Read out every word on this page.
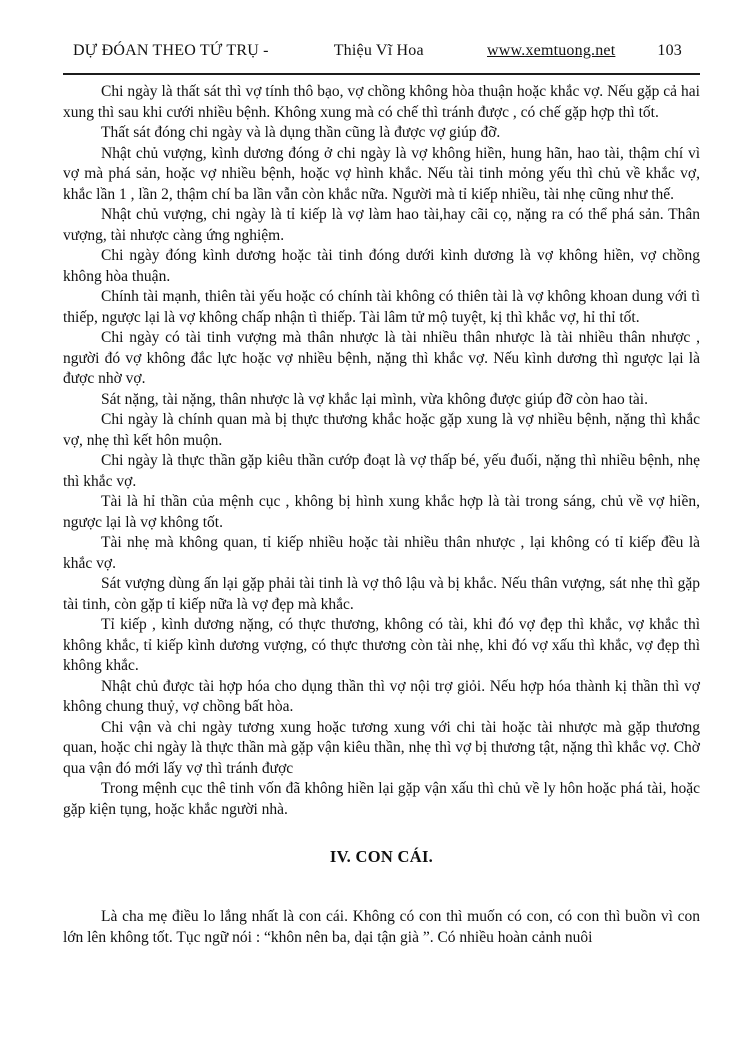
DỰ ĐÓAN THEO TỨ TRỤ -	Thiệu Vĩ Hoa	www.xemtuong.net	103

Chi ngày là thất sát thì vợ tính thô bạo, vợ chồng không hòa thuận hoặc khắc vợ. Nếu gặp cả hai xung thì sau khi cưới nhiều bệnh. Không xung mà có chế thì tránh được , có chế gặp hợp thì tốt.

Thất sát đóng chi ngày và là dụng thần cũng là được vợ giúp đỡ.

Nhật chủ vượng, kình dương đóng ở chi ngày là vợ không hiền, hung hãn, hao tài, thậm chí vì vợ mà phá sản, hoặc vợ nhiều bệnh, hoặc vợ hình khắc. Nếu tài tinh mỏng yếu thì chủ về khắc vợ, khắc lần 1 , lần 2, thậm chí ba lần vẫn còn khắc nữa. Người mà tỉ kiếp nhiều, tài nhẹ cũng như thế.

Nhật chủ vượng, chi ngày là tỉ kiếp là vợ làm hao tài,hay cãi cọ, nặng ra có thể phá sản. Thân vượng, tài nhược càng ứng nghiệm.

Chi ngày đóng kình dương hoặc tài tinh đóng dưới kình dương là vợ không hiền, vợ chồng không hòa thuận.

Chính tài mạnh, thiên tài yếu hoặc có chính tài không có thiên tài là vợ không khoan dung với tì thiếp, ngược lại là vợ không chấp nhận tì thiếp. Tài lâm tử mộ tuyệt, kị thì khắc vợ, hỉ thỉ tốt.

Chi ngày có tài tinh vượng mà thân nhược là tài nhiều thân nhược là tài nhiều thân nhược , người đó vợ không đắc lực hoặc vợ nhiều bệnh, nặng thì khắc vợ. Nếu kình dương thì ngược lại là được nhờ vợ.

Sát nặng, tài nặng, thân nhược là vợ khắc lại mình, vừa không được giúp đỡ còn hao tài.

Chi ngày là chính quan mà bị thực thương khắc hoặc gặp xung là vợ nhiều bệnh, nặng thì khắc vợ, nhẹ thì kết hôn muộn.

Chi ngày là thực thần gặp kiêu thần cướp đoạt là vợ thấp bé, yếu đuối, nặng thì nhiều bệnh, nhẹ thì khắc vợ.

Tài là hỉ thần của mệnh cục , không bị hình xung khắc hợp là tài trong sáng, chủ về vợ hiền, ngược lại là vợ không tốt.

Tài nhẹ mà không quan, tỉ kiếp nhiều hoặc tài nhiều thân nhược , lại không có tỉ kiếp đều là khắc vợ.

Sát vượng dùng ấn lại gặp phải tài tinh là vợ thô lậu và bị khắc. Nếu thân vượng, sát nhẹ thì gặp tài tinh, còn gặp tỉ kiếp nữa là vợ đẹp mà khắc.

Tỉ kiếp , kình dương nặng, có thực thương, không có tài, khi đó vợ đẹp thì khắc, vợ khắc thì không khắc, tỉ kiếp kình dương vượng, có thực thương còn tài nhẹ, khi đó vợ xấu thì khắc, vợ đẹp thì không khắc.

Nhật chủ được tài hợp hóa cho dụng thần thì vợ nội trợ giỏi. Nếu hợp hóa thành kị thần thì vợ không chung thuỷ, vợ chồng bất hòa.

Chi vận và chi ngày tương xung hoặc tương xung với chi tài hoặc tài nhược mà gặp thương quan, hoặc chi ngày là thực thần mà gặp vận kiêu thần, nhẹ thì vợ bị thương tật, nặng thì khắc vợ. Chờ qua vận đó mới lấy vợ thì tránh được

Trong mệnh cục thê tinh vốn đã không hiền lại gặp vận xấu thì chủ về ly hôn hoặc phá tài, hoặc gặp kiện tụng, hoặc khắc người nhà.

IV. CON CÁI.

Là cha mẹ điều lo lắng nhất là con cái. Không có con thì muốn có con, có con thì buồn vì con lớn lên không tốt. Tục ngữ nói : “khôn nên ba, dại tận già ”. Có nhiều hoàn cảnh nuôi
